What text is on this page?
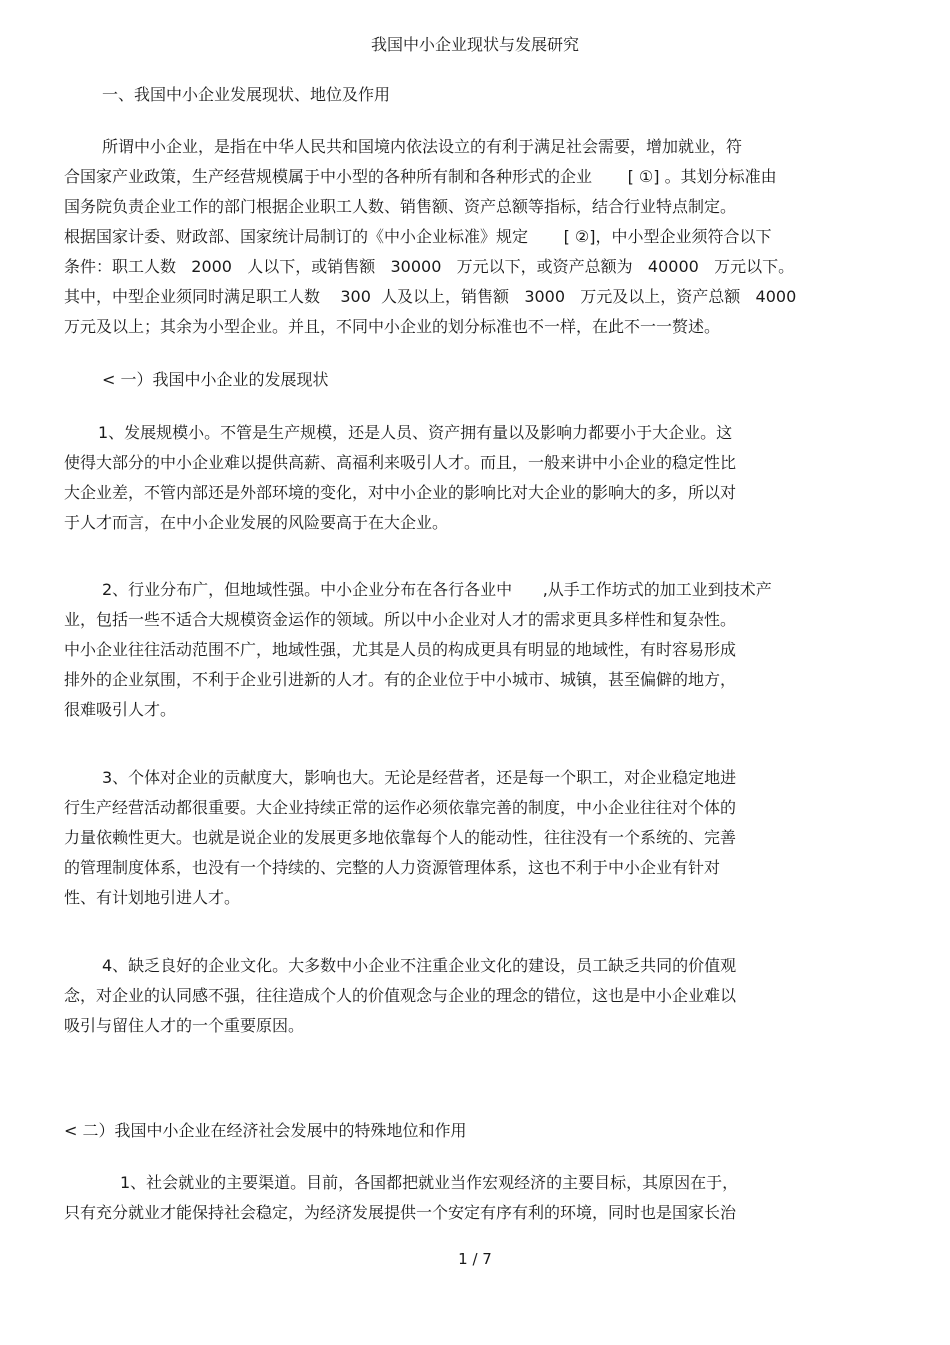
我国中小企业现状与发展研究
一、我国中小企业发展现状、地位及作用
所谓中小企业，是指在中华人民共和国境内依法设立的有利于满足社会需要，增加就业，符
合国家产业政策，生产经营规模属于中小型的各种所有制和各种形式的企业       [ ①] 。其划分标准由
国务院负责企业工作的部门根据企业职工人数、销售额、资产总额等指标，结合行业特点制定。
根据国家计委、财政部、国家统计局制订的《中小企业标准》规定       [ ②]，中小型企业须符合以下
条件：职工人数   2000   人以下，或销售额   30000   万元以下，或资产总额为   40000   万元以下。
其中，中型企业须同时满足职工人数    300  人及以上，销售额   3000   万元及以上，资产总额   4000
万元及以上；其余为小型企业。并且，不同中小企业的划分标准也不一样，在此不一一赘述。
< 一）我国中小企业的发展现状
1、发展规模小。不管是生产规模，还是人员、资产拥有量以及影响力都要小于大企业。这
使得大部分的中小企业难以提供高薪、高福利来吸引人才。而且，一般来讲中小企业的稳定性比
大企业差，不管内部还是外部环境的变化，对中小企业的影响比对大企业的影响大的多，所以对
于人才而言，在中小企业发展的风险要高于在大企业。
2、行业分布广，但地域性强。中小企业分布在各行各业中      ,从手工作坊式的加工业到技术产
业，包括一些不适合大规模资金运作的领域。所以中小企业对人才的需求更具多样性和复杂性。
中小企业往往活动范围不广，地域性强，尤其是人员的构成更具有明显的地域性，有时容易形成
排外的企业氛围，不利于企业引进新的人才。有的企业位于中小城市、城镇，甚至偏僻的地方，
很难吸引人才。
3、个体对企业的贡献度大，影响也大。无论是经营者，还是每一个职工，对企业稳定地进
行生产经营活动都很重要。大企业持续正常的运作必须依靠完善的制度，中小企业往往对个体的
力量依赖性更大。也就是说企业的发展更多地依靠每个人的能动性，往往没有一个系统的、完善
的管理制度体系，也没有一个持续的、完整的人力资源管理体系，这也不利于中小企业有针对
性、有计划地引进人才。
4、缺乏良好的企业文化。大多数中小企业不注重企业文化的建设，员工缺乏共同的价值观
念，对企业的认同感不强，往往造成个人的价值观念与企业的理念的错位，这也是中小企业难以
吸引与留住人才的一个重要原因。
< 二）我国中小企业在经济社会发展中的特殊地位和作用
1、社会就业的主要渠道。目前，各国都把就业当作宏观经济的主要目标，其原因在于，
只有充分就业才能保持社会稳定，为经济发展提供一个安定有序有利的环境，同时也是国家长治
1 / 7
